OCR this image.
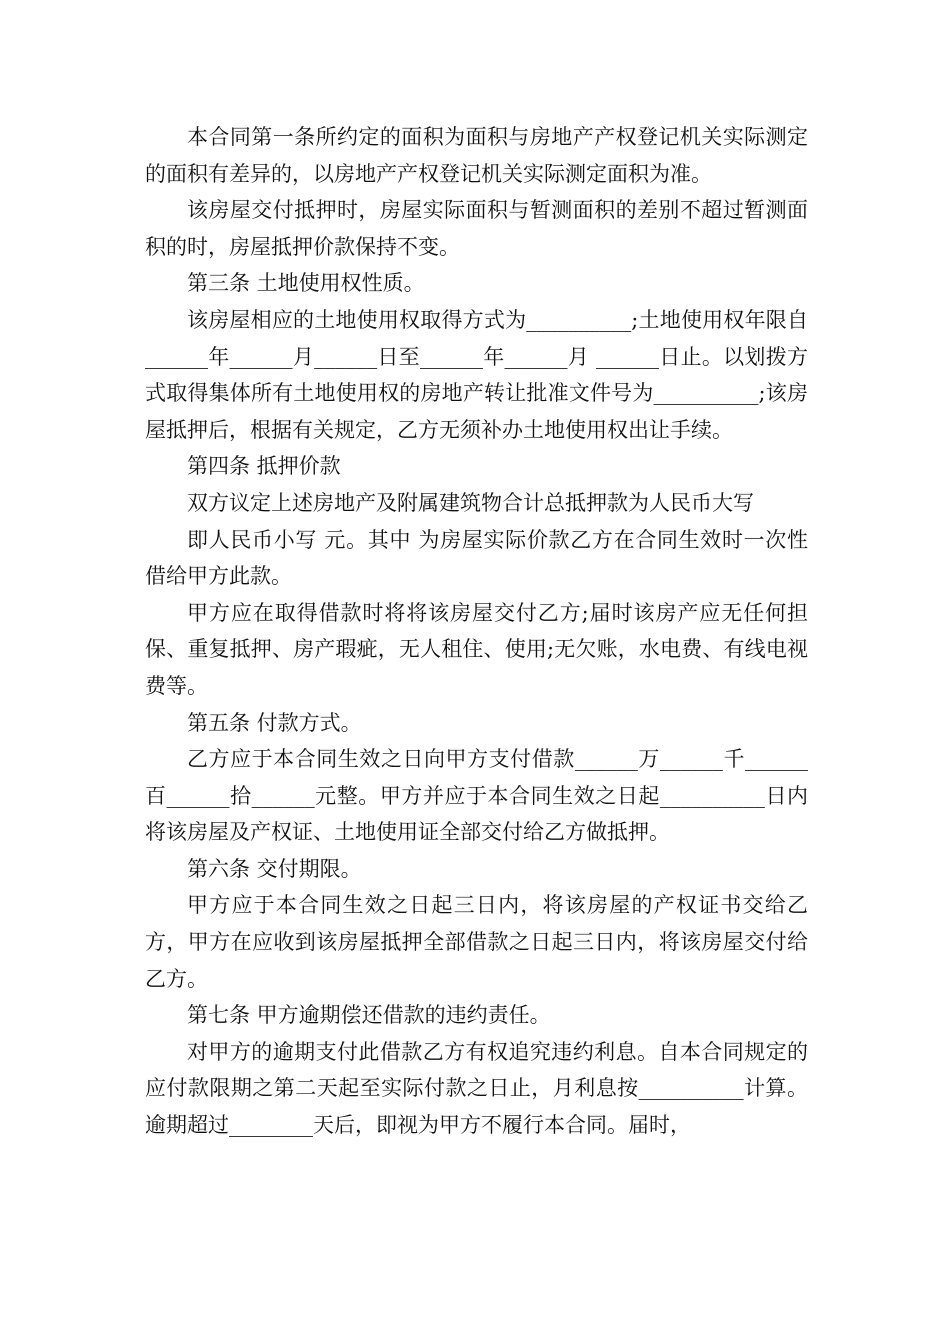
本合同第一条所约定的面积为面积与房地产产权登记机关实际测定的面积有差异的，以房地产产权登记机关实际测定面积为准。

该房屋交付抵押时，房屋实际面积与暂测面积的差别不超过暂测面积的时，房屋抵押价款保持不变。

第三条 土地使用权性质。

该房屋相应的土地使用权取得方式为__________;土地使用权年限自______年______月______日至______年______月 ______日止。以划拨方式取得集体所有土地使用权的房地产转让批准文件号为__________;该房屋抵押后，根据有关规定，乙方无须补办土地使用权出让手续。

第四条 抵押价款

双方议定上述房地产及附属建筑物合计总抵押款为人民币大写

即人民币小写 元。其中 为房屋实际价款乙方在合同生效时一次性借给甲方此款。

甲方应在取得借款时将将该房屋交付乙方;届时该房产应无任何担保、重复抵押、房产瑕疵，无人租住、使用;无欠账，水电费、有线电视费等。

第五条 付款方式。

乙方应于本合同生效之日向甲方支付借款______万______千______百______拾______元整。甲方并应于本合同生效之日起__________日内将该房屋及产权证、土地使用证全部交付给乙方做抵押。

第六条 交付期限。

甲方应于本合同生效之日起三日内，将该房屋的产权证书交给乙方，甲方在应收到该房屋抵押全部借款之日起三日内，将该房屋交付给乙方。

第七条 甲方逾期偿还借款的违约责任。

对甲方的逾期支付此借款乙方有权追究违约利息。自本合同规定的应付款限期之第二天起至实际付款之日止，月利息按__________计算。逾期超过________天后，即视为甲方不履行本合同。届时，
